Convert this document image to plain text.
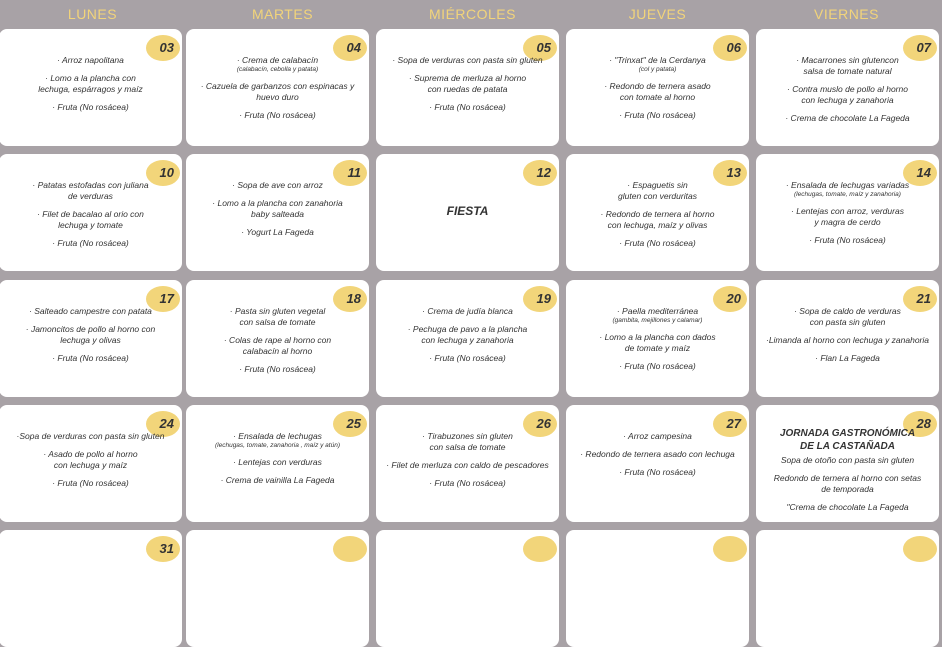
LUNES	MARTES	MIÉRCOLES	JUEVES	VIERNES
03
· Arroz napolitana
· Lomo a la plancha con
lechuga, espárragos y maíz
· Fruta (No rosácea)
04
· Crema de calabacín
(calabacín, cebolla y patata)
· Cazuela de garbanzos con espinacas y
huevo duro
· Fruta (No rosácea)
05
· Sopa de verduras con pasta sin gluten
· Suprema de merluza al horno
con ruedas de patata
· Fruta (No rosácea)
06
· "Trinxat" de la Cerdanya
(col y patata)
· Redondo de ternera asado
con tomate al horno
· Fruta (No rosácea)
07
· Macarrones sin glutencon
salsa de tomate natural
· Contra muslo de pollo al horno
con lechuga y zanahoria
· Crema de chocolate La Fageda
10
· Patatas estofadas con juliana
de verduras
· Filet de bacalao al orio con
lechuga y tomate
· Fruta (No rosácea)
11
· Sopa de ave con arroz
· Lomo a la plancha con zanahoria
baby salteada
· Yogurt La Fageda
12
FIESTA
13
· Espaguetis sin
gluten con verduritas
· Redondo de ternera al horno
con lechuga, maíz y olivas
· Fruta (No rosácea)
14
· Ensalada de lechugas variadas
(lechugas, tomate, maíz y zanahoria)
· Lentejas con arroz, verduras
y magra de cerdo
· Fruta (No rosácea)
17
· Salteado campestre con patata
· Jamoncitos de pollo al horno con
lechuga y olivas
· Fruta (No rosácea)
18
· Pasta sin gluten vegetal
con salsa de tomate
· Colas de rape al horno con
calabacín al horno
· Fruta (No rosácea)
19
· Crema de judía blanca
· Pechuga de pavo a la plancha
con lechuga y zanahoria
· Fruta (No rosácea)
20
· Paella mediterránea
(gambita, mejillones y calamar)
· Lomo a la plancha con dados
de tomate y maíz
· Fruta (No rosácea)
21
· Sopa de caldo de verduras
con pasta sin gluten
·Limanda al horno con lechuga y zanahoria
· Flan La Fageda
24
·Sopa de verduras con pasta sin gluten
· Asado de pollo al horno
con lechuga y maíz
· Fruta (No rosácea)
25
· Ensalada de lechugas
(lechugas, tomate, zanahoria , maíz y atún)
· Lentejas con verduras
· Crema de vainilla La Fageda
26
· Tirabuzones sin gluten
con salsa de tomate
· Filet de merluza con caldo de pescadores
· Fruta (No rosácea)
27
· Arroz campesina
· Redondo de ternera asado con lechuga
· Fruta (No rosácea)
28
JORNADA GASTRONÓMICA
DE LA CASTAÑADA
Sopa de otoño con pasta sin gluten
Redondo de ternera al horno con setas
de temporada
"Crema de chocolate La Fageda
31
